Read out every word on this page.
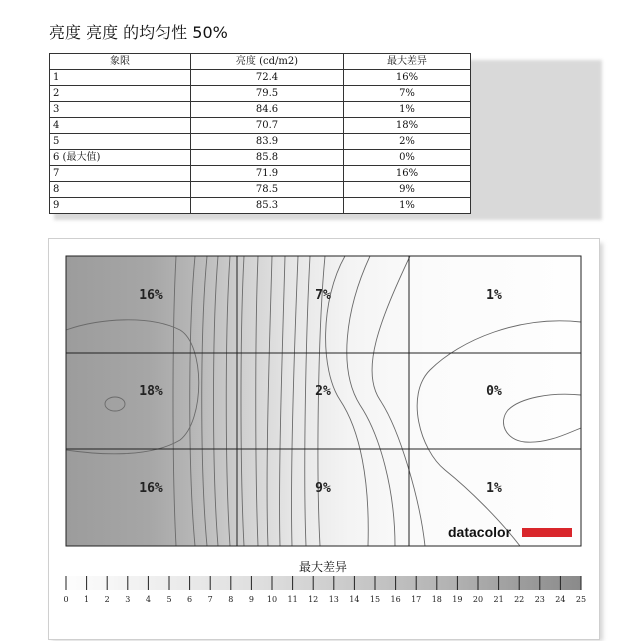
亮度 亮度 的均匀性 50%
象限	亮度 (cd/m2)	最大差异
1	72.4	16%
2	79.5	7%
3	84.6	1%
4	70.7	18%
5	83.9	2%
6 (最大值)	85.8	0%
7	71.9	16%
8	78.5	9%
9	85.3	1%
16%	7%	1%
18%	2%	0%
16%	9%	1%
datacolor
最大差异
0 1 2 3 4 5 6 7 8 9 10 11 12 13 14 15 16 17 18 19 20 21 22 23 24 25
